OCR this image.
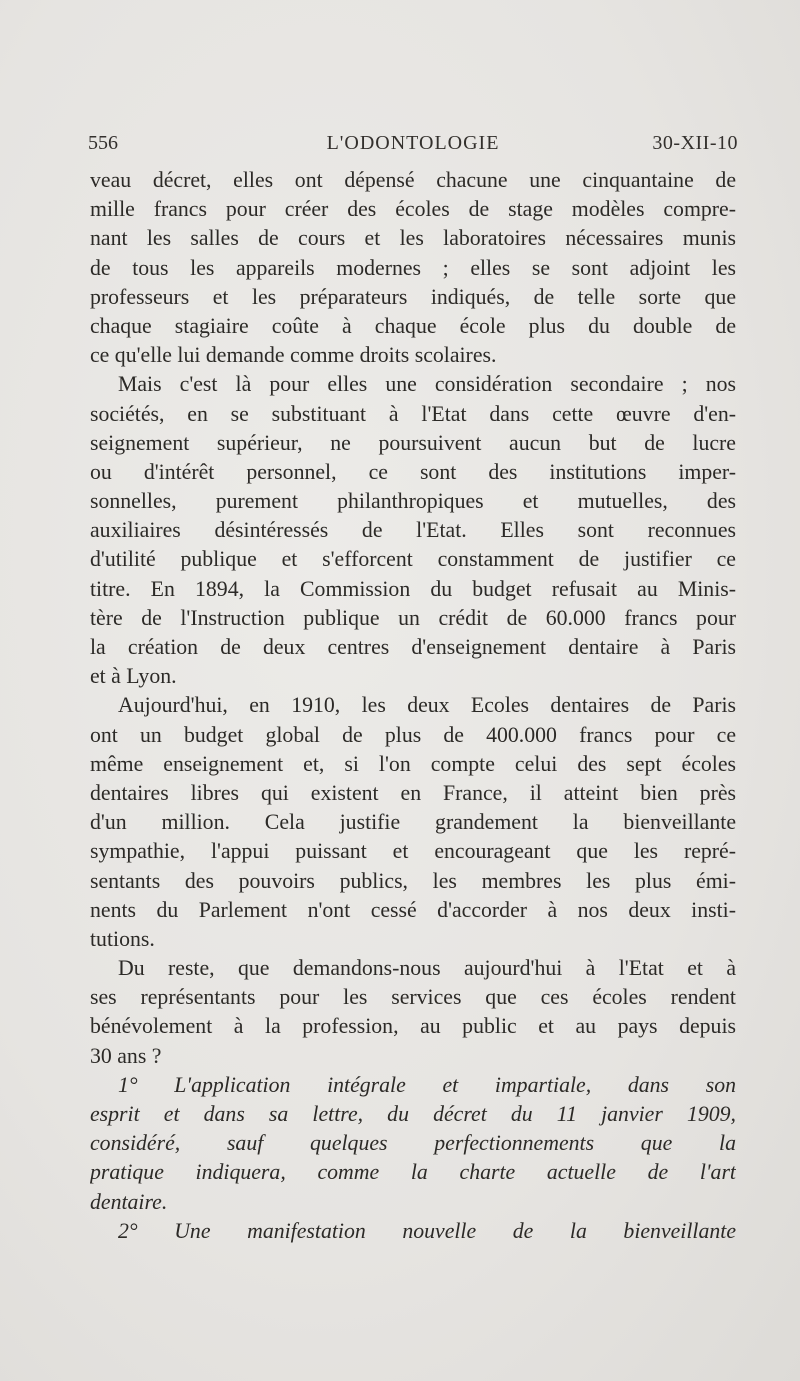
556	L'ODONTOLOGIE	30-XII-10
veau décret, elles ont dépensé chacune une cinquantaine de
mille francs pour créer des écoles de stage modèles compre-
nant les salles de cours et les laboratoires nécessaires munis
de tous les appareils modernes ; elles se sont adjoint les
professeurs et les préparateurs indiqués, de telle sorte que
chaque stagiaire coûte à chaque école plus du double de
ce qu'elle lui demande comme droits scolaires.
Mais c'est là pour elles une considération secondaire ; nos
sociétés, en se substituant à l'Etat dans cette œuvre d'en-
seignement supérieur, ne poursuivent aucun but de lucre
ou d'intérêt personnel, ce sont des institutions imper-
sonnelles, purement philanthropiques et mutuelles, des
auxiliaires désintéressés de l'Etat. Elles sont reconnues
d'utilité publique et s'efforcent constamment de justifier ce
titre. En 1894, la Commission du budget refusait au Minis-
tère de l'Instruction publique un crédit de 60.000 francs pour
la création de deux centres d'enseignement dentaire à Paris
et à Lyon.
Aujourd'hui, en 1910, les deux Ecoles dentaires de Paris
ont un budget global de plus de 400.000 francs pour ce
même enseignement et, si l'on compte celui des sept écoles
dentaires libres qui existent en France, il atteint bien près
d'un million. Cela justifie grandement la bienveillante
sympathie, l'appui puissant et encourageant que les repré-
sentants des pouvoirs publics, les membres les plus émi-
nents du Parlement n'ont cessé d'accorder à nos deux insti-
tutions.
Du reste, que demandons-nous aujourd'hui à l'Etat et à
ses représentants pour les services que ces écoles rendent
bénévolement à la profession, au public et au pays depuis
30 ans ?
1° L'application intégrale et impartiale, dans son
esprit et dans sa lettre, du décret du 11 janvier 1909,
considéré, sauf quelques perfectionnements que la
pratique indiquera, comme la charte actuelle de l'art
dentaire.
2° Une manifestation nouvelle de la bienveillante
